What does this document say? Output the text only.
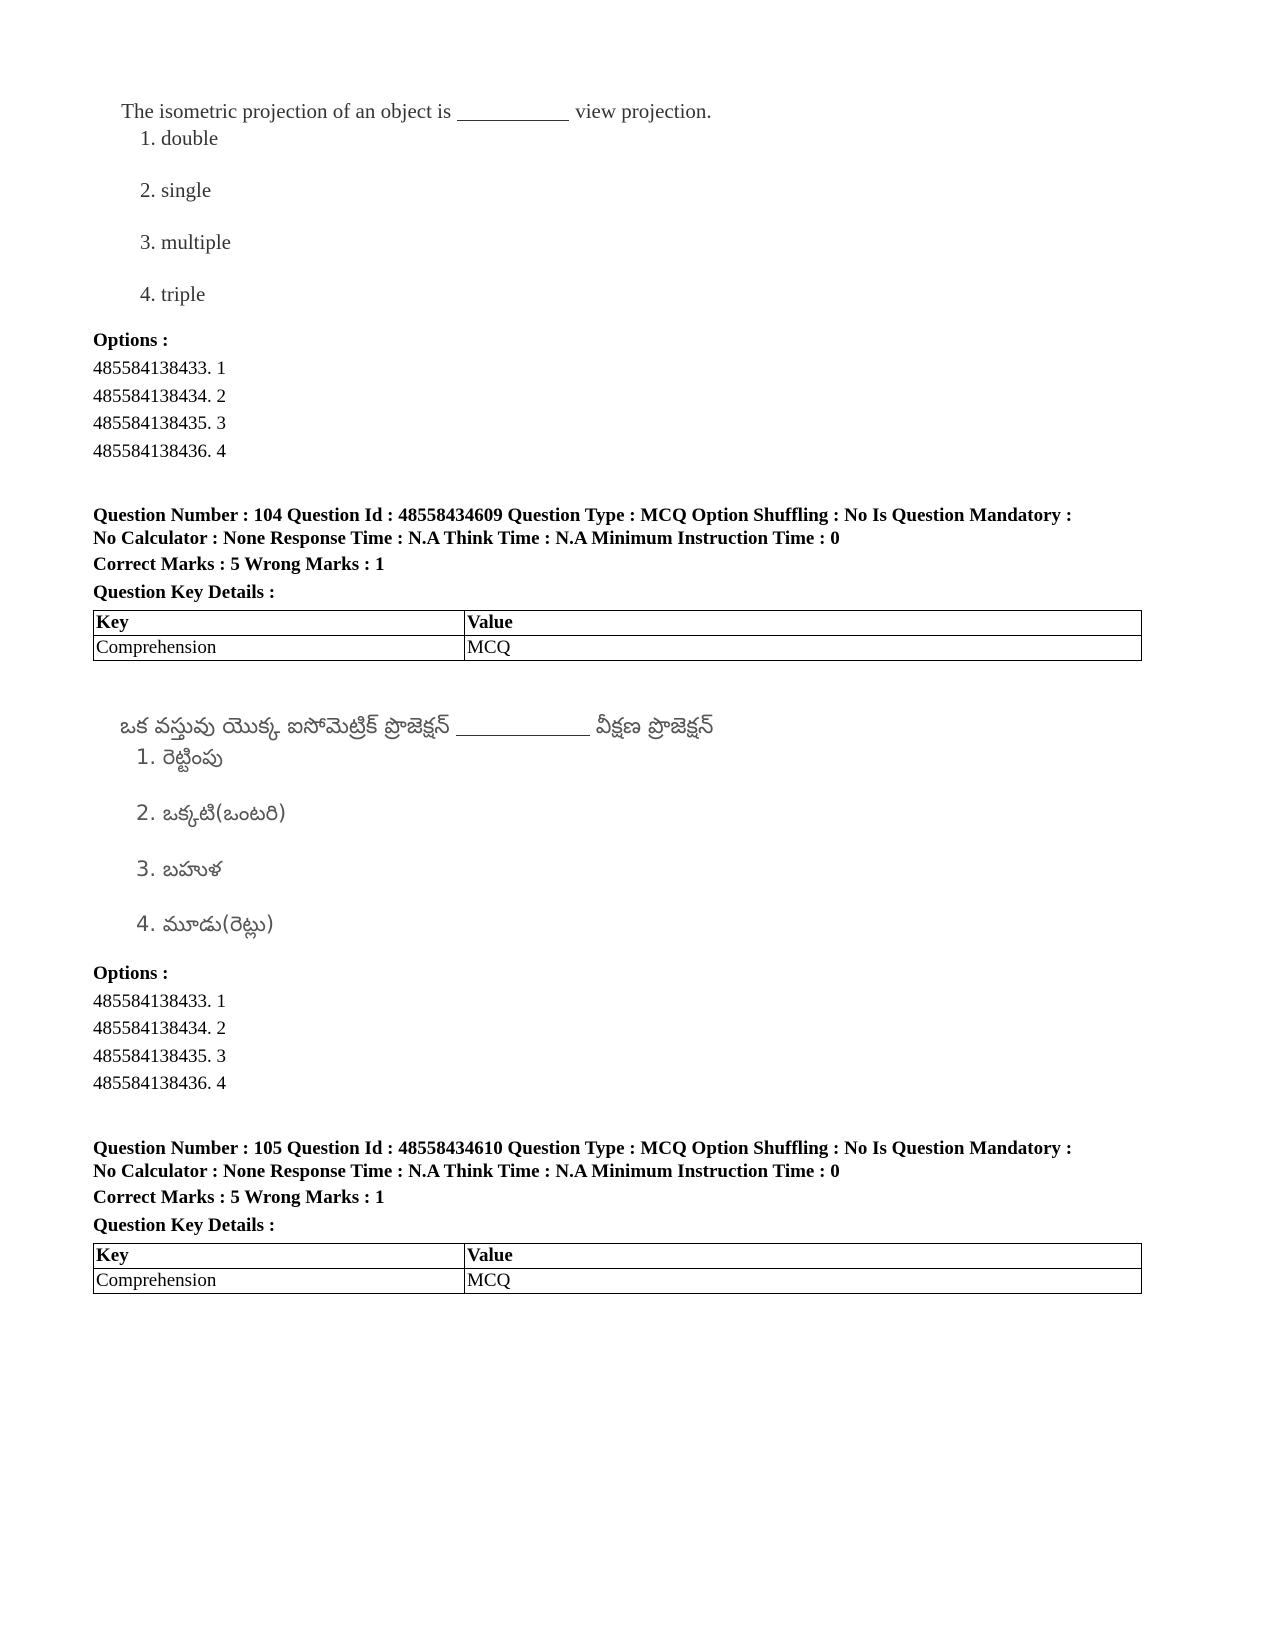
The isometric projection of an object is	view projection.

1. double
2. single
3. multiple
4. triple
Options :
485584138433. 1
485584138434. 2
485584138435. 3
485584138436. 4
Question Number : 104 Question Id : 48558434609 Question Type : MCQ Option Shuffling : No Is Question Mandatory :
No Calculator : None Response Time : N.A Think Time : N.A Minimum Instruction Time : 0
Correct Marks : 5 Wrong Marks : 1
Question Key Details :
Key	Value
Comprehension	MCQ

ఒక వస్తువు యొక్క ఐసోమెట్రిక్ ప్రొజెక్షన్	వీక్షణ ప్రొజెక్షన్

1. రెట్టింపు
2. ఒక్కటి(ఒంటరి)
3. బహుళ
4. మూడు(రెట్లు)
Options :
485584138433. 1
485584138434. 2
485584138435. 3
485584138436. 4
Question Number : 105 Question Id : 48558434610 Question Type : MCQ Option Shuffling : No Is Question Mandatory :
No Calculator : None Response Time : N.A Think Time : N.A Minimum Instruction Time : 0
Correct Marks : 5 Wrong Marks : 1
Question Key Details :
Key	Value
Comprehension	MCQ
